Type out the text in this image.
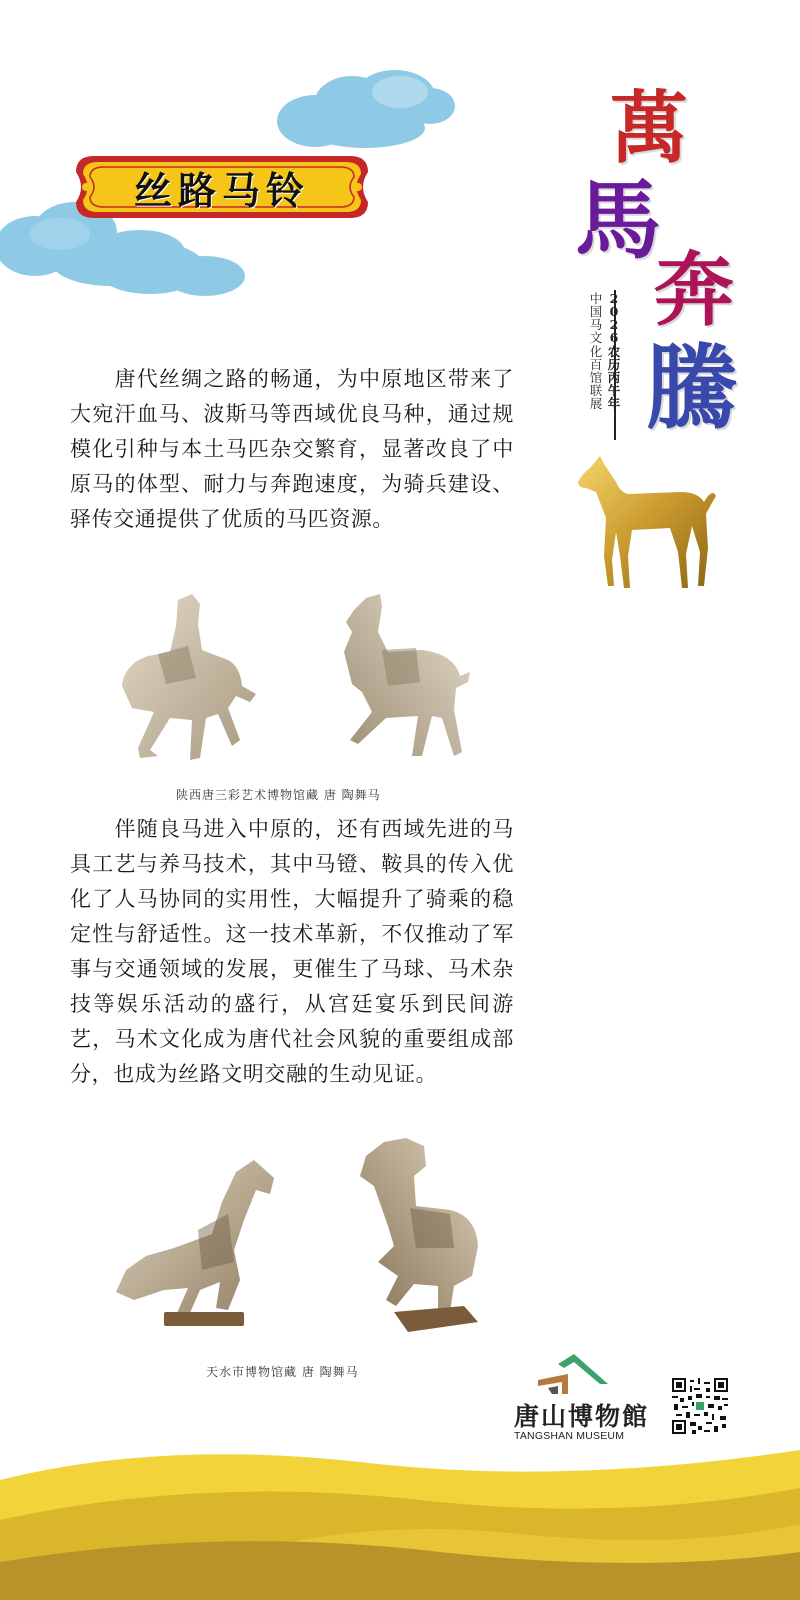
丝路马铃
萬
馬
奔
騰
2026农历丙午年
中国马文化百馆联展
　　唐代丝绸之路的畅通，为中原地区带来了大宛汗血马、波斯马等西域优良马种，通过规模化引种与本土马匹杂交繁育，显著改良了中原马的体型、耐力与奔跑速度，为骑兵建设、驿传交通提供了优质的马匹资源。
　　伴随良马进入中原的，还有西域先进的马具工艺与养马技术，其中马镫、鞍具的传入优化了人马协同的实用性，大幅提升了骑乘的稳定性与舒适性。这一技术革新，不仅推动了军事与交通领域的发展，更催生了马球、马术杂技等娱乐活动的盛行，从宫廷宴乐到民间游艺，马术文化成为唐代社会风貌的重要组成部分，也成为丝路文明交融的生动见证。
陕西唐三彩艺术博物馆藏 唐 陶舞马
天水市博物馆藏 唐 陶舞马
唐山博物館
TANGSHAN MUSEUM
